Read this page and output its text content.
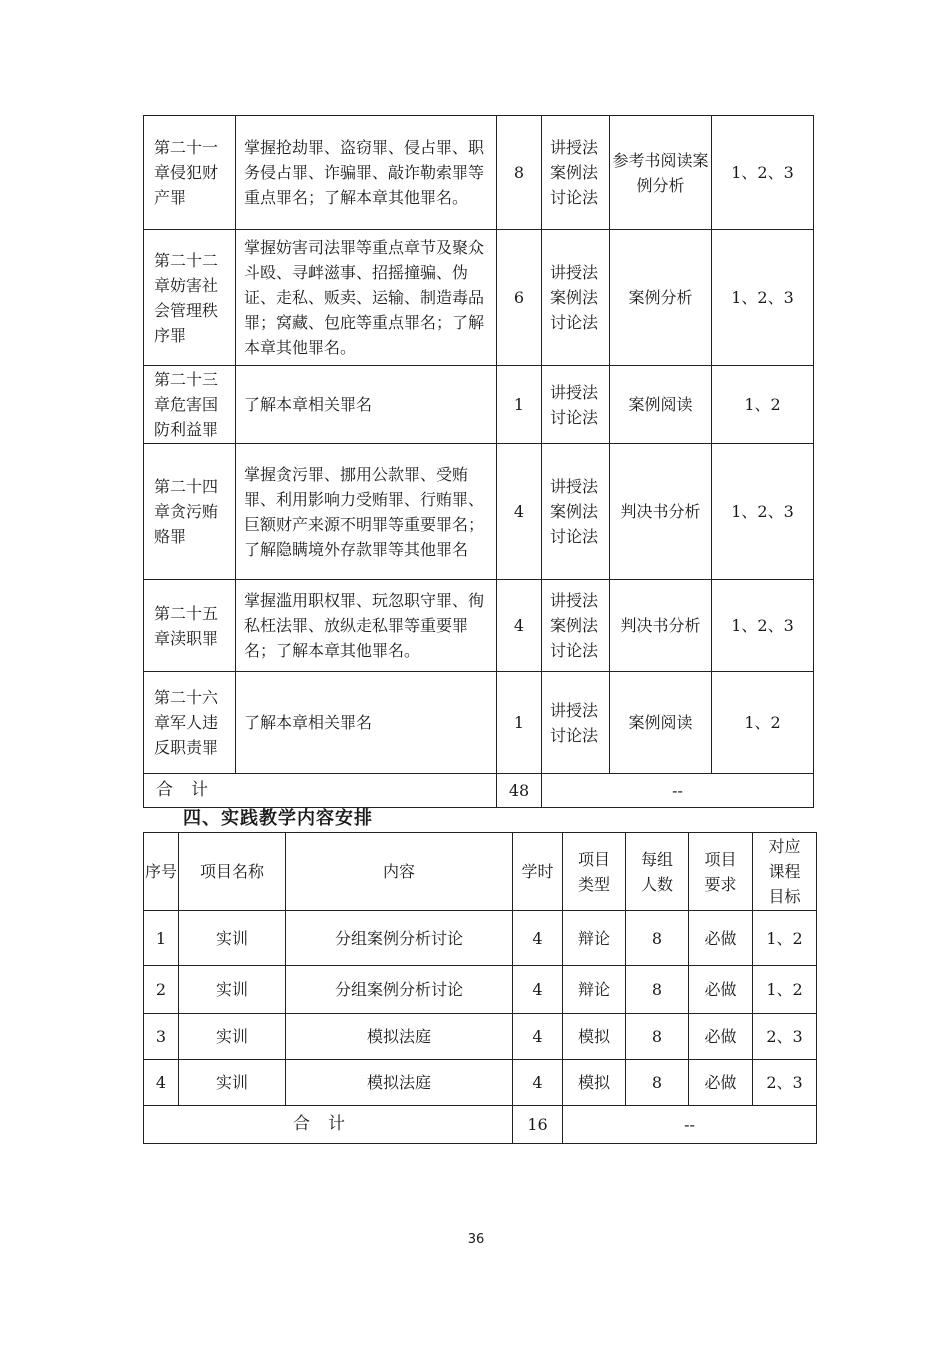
第二十一章侵犯财产罪	掌握抢劫罪、盗窃罪、侵占罪、职务侵占罪、诈骗罪、敲诈勒索罪等重点罪名；了解本章其他罪名。	8	讲授法案例法讨论法	参考书阅读案例分析	1、2、3
第二十二章妨害社会管理秩序罪	掌握妨害司法罪等重点章节及聚众斗殴、寻衅滋事、招摇撞骗、伪证、走私、贩卖、运输、制造毒品罪；窝藏、包庇等重点罪名；了解本章其他罪名。	6	讲授法案例法讨论法	案例分析	1、2、3
第二十三章危害国防利益罪	了解本章相关罪名	1	讲授法讨论法	案例阅读	1、2
第二十四章贪污贿赂罪	掌握贪污罪、挪用公款罪、受贿罪、利用影响力受贿罪、行贿罪、巨额财产来源不明罪等重要罪名；了解隐瞒境外存款罪等其他罪名	4	讲授法案例法讨论法	判决书分析	1、2、3
第二十五章渎职罪	掌握滥用职权罪、玩忽职守罪、徇私枉法罪、放纵走私罪等重要罪名；了解本章其他罪名。	4	讲授法案例法讨论法	判决书分析	1、2、3
第二十六章军人违反职责罪	了解本章相关罪名	1	讲授法讨论法	案例阅读	1、2
合计		48	--		
四、实践教学内容安排
序号	项目名称	内容	学时	项目类型	每组人数	项目要求	对应课程目标
1	实训	分组案例分析讨论	4	辩论	8	必做	1、2
2	实训	分组案例分析讨论	4	辩论	8	必做	1、2
3	实训	模拟法庭	4	模拟	8	必做	2、3
4	实训	模拟法庭	4	模拟	8	必做	2、3
合计			16	--			
36
